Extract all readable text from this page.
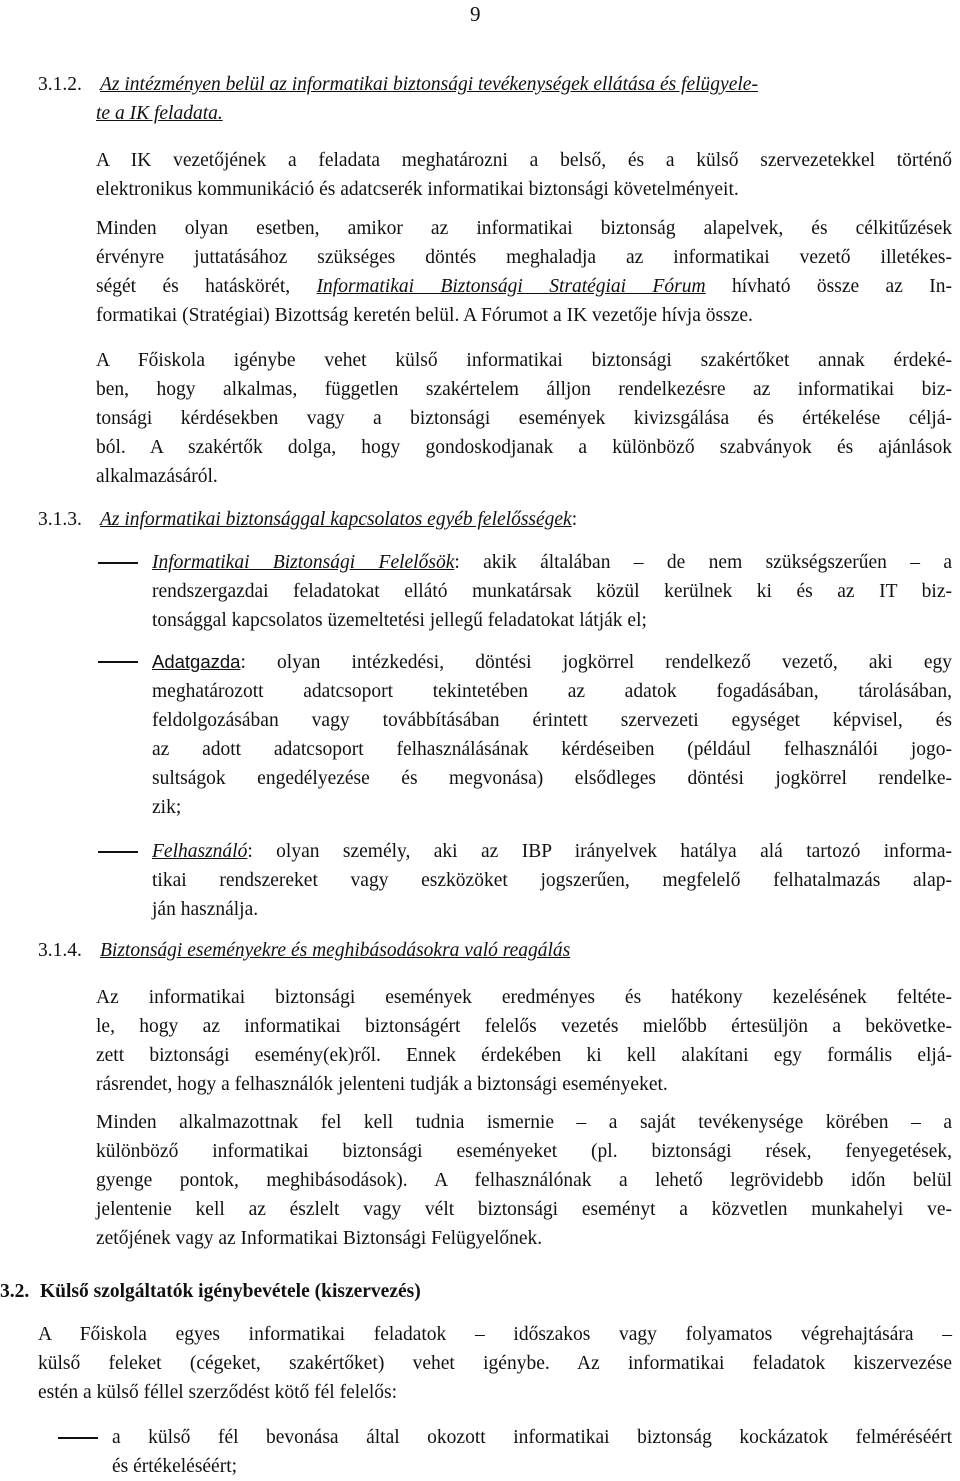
9
3.1.2. Az intézményen belül az informatikai biztonsági tevékenységek ellátása és felügyele-
te a IK feladata.
A IK vezetőjének a feladata meghatározni a belső, és a külső szervezetekkel történő
elektronikus kommunikáció és adatcserék informatikai biztonsági követelményeit.
Minden olyan esetben, amikor az informatikai biztonság alapelvek, és célkitűzések
érvényre juttatásához szükséges döntés meghaladja az informatikai vezető illetékes-
ségét és hatáskörét, Informatikai Biztonsági Stratégiai Fórum hívható össze az In-
formatikai (Stratégiai) Bizottság keretén belül. A Fórumot a IK vezetője hívja össze.
A Főiskola igénybe vehet külső informatikai biztonsági szakértőket annak érdeké-
ben, hogy alkalmas, független szakértelem álljon rendelkezésre az informatikai biz-
tonsági kérdésekben vagy a biztonsági események kivizsgálása és értékelése céljá-
ból. A szakértők dolga, hogy gondoskodjanak a különböző szabványok és ajánlások
alkalmazásáról.
3.1.3. Az informatikai biztonsággal kapcsolatos egyéb felelősségek:
Informatikai Biztonsági Felelősök: akik általában – de nem szükségszerűen – a
rendszergazdai feladatokat ellátó munkatársak közül kerülnek ki és az IT biz-
tonsággal kapcsolatos üzemeltetési jellegű feladatokat látják el;
Adatgazda: olyan intézkedési, döntési jogkörrel rendelkező vezető, aki egy
meghatározott adatcsoport tekintetében az adatok fogadásában, tárolásában,
feldolgozásában vagy továbbításában érintett szervezeti egységet képvisel, és
az adott adatcsoport felhasználásának kérdéseiben (például felhasználói jogo-
sultságok engedélyezése és megvonása) elsődleges döntési jogkörrel rendelke-
zik;
Felhasználó: olyan személy, aki az IBP irányelvek hatálya alá tartozó informa-
tikai rendszereket vagy eszközöket jogszerűen, megfelelő felhatalmazás alap-
ján használja.
3.1.4. Biztonsági eseményekre és meghibásodásokra való reagálás
Az informatikai biztonsági események eredményes és hatékony kezelésének feltéte-
le, hogy az informatikai biztonságért felelős vezetés mielőbb értesüljön a bekövetke-
zett biztonsági esemény(ek)ről. Ennek érdekében ki kell alakítani egy formális eljá-
rásrendet, hogy a felhasználók jelenteni tudják a biztonsági eseményeket.
Minden alkalmazottnak fel kell tudnia ismernie – a saját tevékenysége körében – a
különböző informatikai biztonsági eseményeket (pl. biztonsági rések, fenyegetések,
gyenge pontok, meghibásodások). A felhasználónak a lehető legrövidebb időn belül
jelentenie kell az észlelt vagy vélt biztonsági eseményt a közvetlen munkahelyi ve-
zetőjének vagy az Informatikai Biztonsági Felügyelőnek.
3.2. Külső szolgáltatók igénybevétele (kiszervezés)
A Főiskola egyes informatikai feladatok – időszakos vagy folyamatos végrehajtására –
külső feleket (cégeket, szakértőket) vehet igénybe. Az informatikai feladatok kiszervezése
estén a külső féllel szerződést kötő fél felelős:
a külső fél bevonása által okozott informatikai biztonság kockázatok felméréséért
és értékeléséért;
